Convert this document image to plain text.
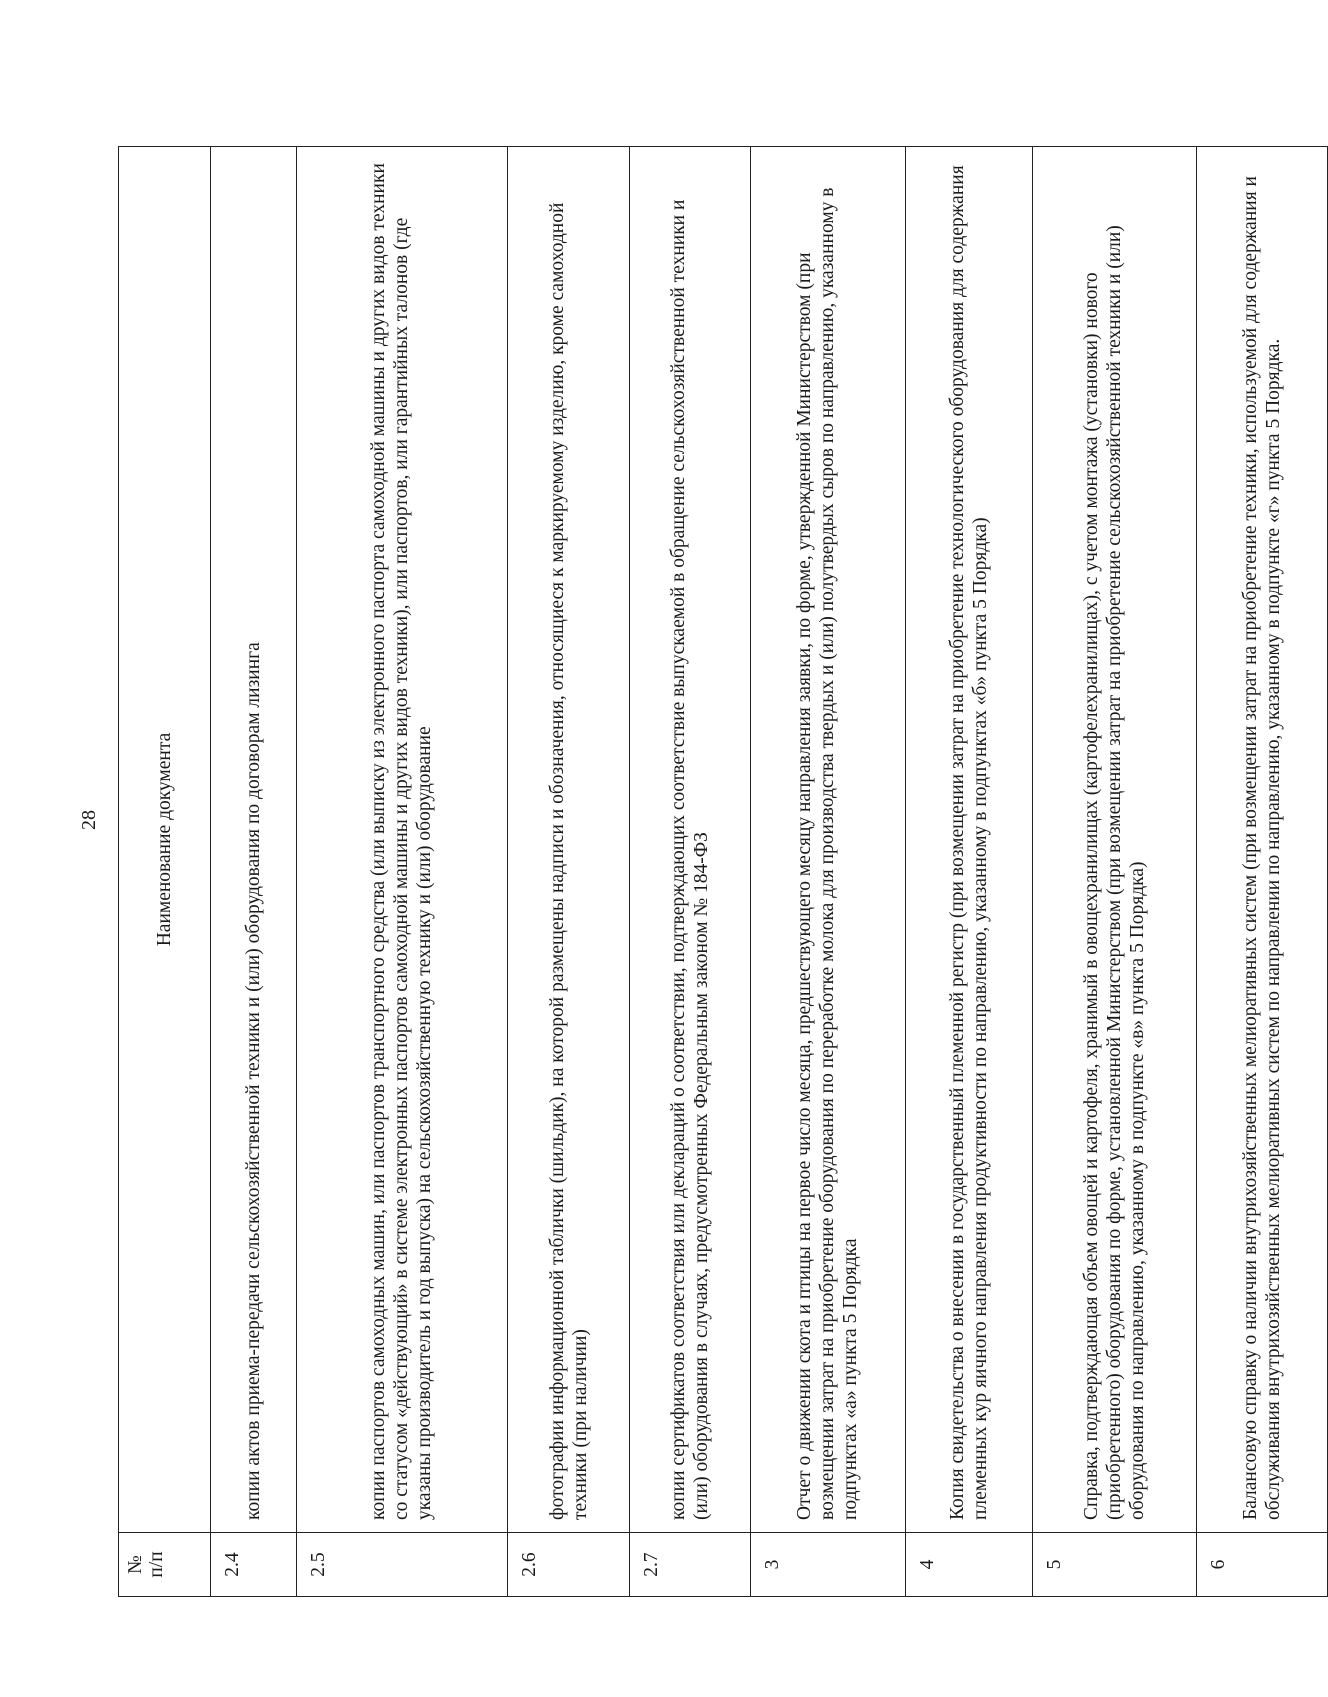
28
№ п/п	Наименование документа
2.4	копии актов приема-передачи сельскохозяйственной техники и (или) оборудования по договорам лизинга
2.5	копии паспортов самоходных машин, или паспортов транспортного средства (или выписку из электронного паспорта самоходной машины и других видов техники со статусом «действующий» в системе электронных паспортов самоходной машины и других видов техники), или паспортов, или гарантийных талонов (где указаны производитель и год выпуска) на сельскохозяйственную технику и (или) оборудование
2.6	фотографии информационной таблички (шильдик), на которой размещены надписи и обозначения, относящиеся к маркируемому изделию, кроме самоходной техники (при наличии)
2.7	копии сертификатов соответствия или деклараций о соответствии, подтверждающих соответствие выпускаемой в обращение сельскохозяйственной техники и (или) оборудования в случаях, предусмотренных Федеральным законом № 184-ФЗ
3	Отчет о движении скота и птицы на первое число месяца, предшествующего месяцу направления заявки, по форме, утвержденной Министерством (при возмещении затрат на приобретение оборудования по переработке молока для производства твердых и (или) полутвердых сыров по направлению, указанному в подпунктах «а» пункта 5 Порядка
4	Копия свидетельства о внесении в государственный племенной регистр (при возмещении затрат на приобретение технологического оборудования для содержания племенных кур яичного направления продуктивности по направлению, указанному в подпунктах «б» пункта 5 Порядка)
5	Справка, подтверждающая объем овощей и картофеля, хранимый в овощехранилищах (картофелехранилищах), с учетом монтажа (установки) нового (приобретенного) оборудования по форме, установленной Министерством (при возмещении затрат на приобретение сельскохозяйственной техники и (или) оборудования по направлению, указанному в подпункте «в» пункта 5 Порядка)
6	Балансовую справку о наличии внутрихозяйственных мелиоративных систем (при возмещении затрат на приобретение техники, используемой для содержания и обслуживания внутрихозяйственных мелиоративных систем по направлении по направлению, указанному в подпункте «г» пункта 5 Порядка.
